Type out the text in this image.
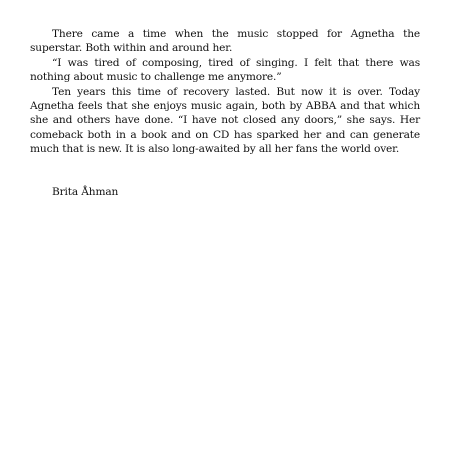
There came a time when the music stopped for Agnetha the superstar. Both within and around her.

“I was tired of composing, tired of singing. I felt that there was nothing about music to challenge me anymore.”

Ten years this time of recovery lasted. But now it is over. Today Agnetha feels that she enjoys music again, both by ABBA and that which she and others have done. “I have not closed any doors,” she says. Her comeback both in a book and on CD has sparked her and can generate much that is new. It is also long-awaited by all her fans the world over.

Brita Åhman
